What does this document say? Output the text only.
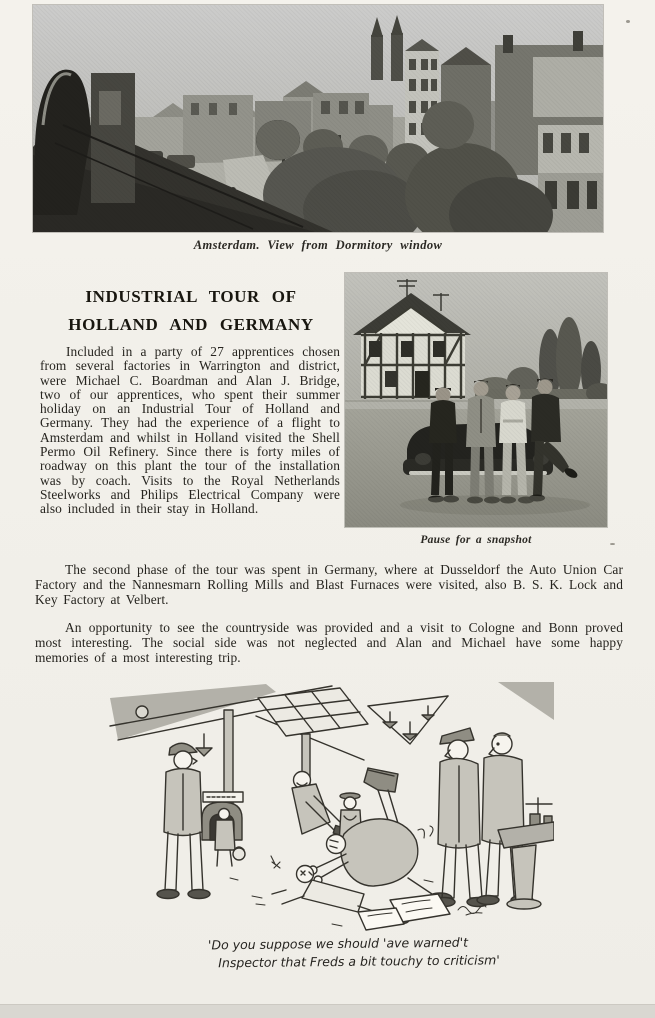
Amsterdam. View from Dormitory window
INDUSTRIAL TOUR OF
HOLLAND AND GERMANY

Included in a party of 27 apprentices chosen from several factories in Warrington and district, were Michael C. Boardman and Alan J. Bridge, two of our apprentices, who spent their summer holiday on an Industrial Tour of Holland and Germany. They had the experience of a flight to Amsterdam and whilst in Holland visited the Shell Permo Oil Refinery. Since there is forty miles of roadway on this plant the tour of the installation was by coach. Visits to the Royal Netherlands Steelworks and Philips Electrical Company were also included in their stay in Holland.

Pause for a snapshot

The second phase of the tour was spent in Germany, where at Dusseldorf the Auto Union Car Factory and the Nannesmarn Rolling Mills and Blast Furnaces were visited, also B. S. K. Lock and Key Factory at Velbert.

An opportunity to see the countryside was provided and a visit to Cologne and Bonn proved most interesting. The social side was not neglected and Alan and Michael have some happy memories of a most interesting trip.

'Do you suppose we should 'ave warned't
Inspector that Freds a bit touchy to criticism'
